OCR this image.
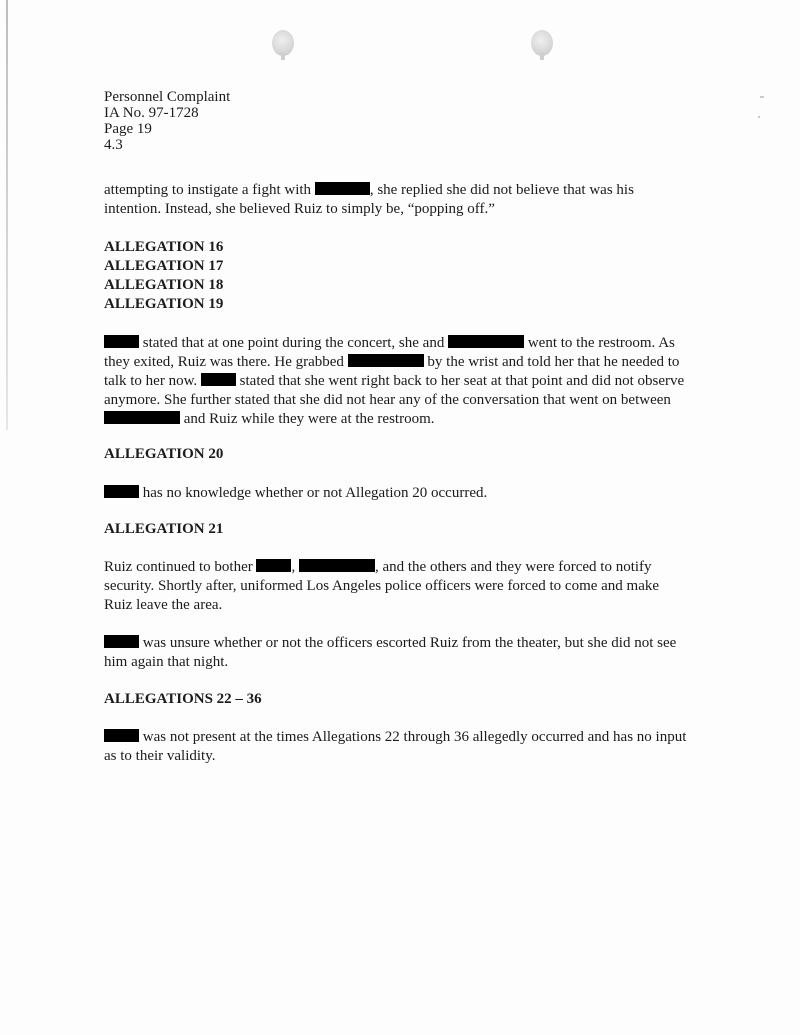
Personnel Complaint
IA No. 97-1728
Page 19
4.3
attempting to instigate a fight with	, she replied she did not believe that was his
intention. Instead, she believed Ruiz to simply be, “popping off.”
ALLEGATION 16
ALLEGATION 17
ALLEGATION 18
ALLEGATION 19
stated that at one point during the concert, she and	went to the restroom. As
they exited, Ruiz was there. He grabbed	by the wrist and told her that he needed to
talk to her now.	stated that she went right back to her seat at that point and did not observe
anymore. She further stated that she did not hear any of the conversation that went on between
and Ruiz while they were at the restroom.
ALLEGATION 20
has no knowledge whether or not Allegation 20 occurred.
ALLEGATION 21
Ruiz continued to bother	,	, and the others and they were forced to notify
security. Shortly after, uniformed Los Angeles police officers were forced to come and make
Ruiz leave the area.
was unsure whether or not the officers escorted Ruiz from the theater, but she did not see
him again that night.
ALLEGATIONS 22 – 36
was not present at the times Allegations 22 through 36 allegedly occurred and has no input
as to their validity.
